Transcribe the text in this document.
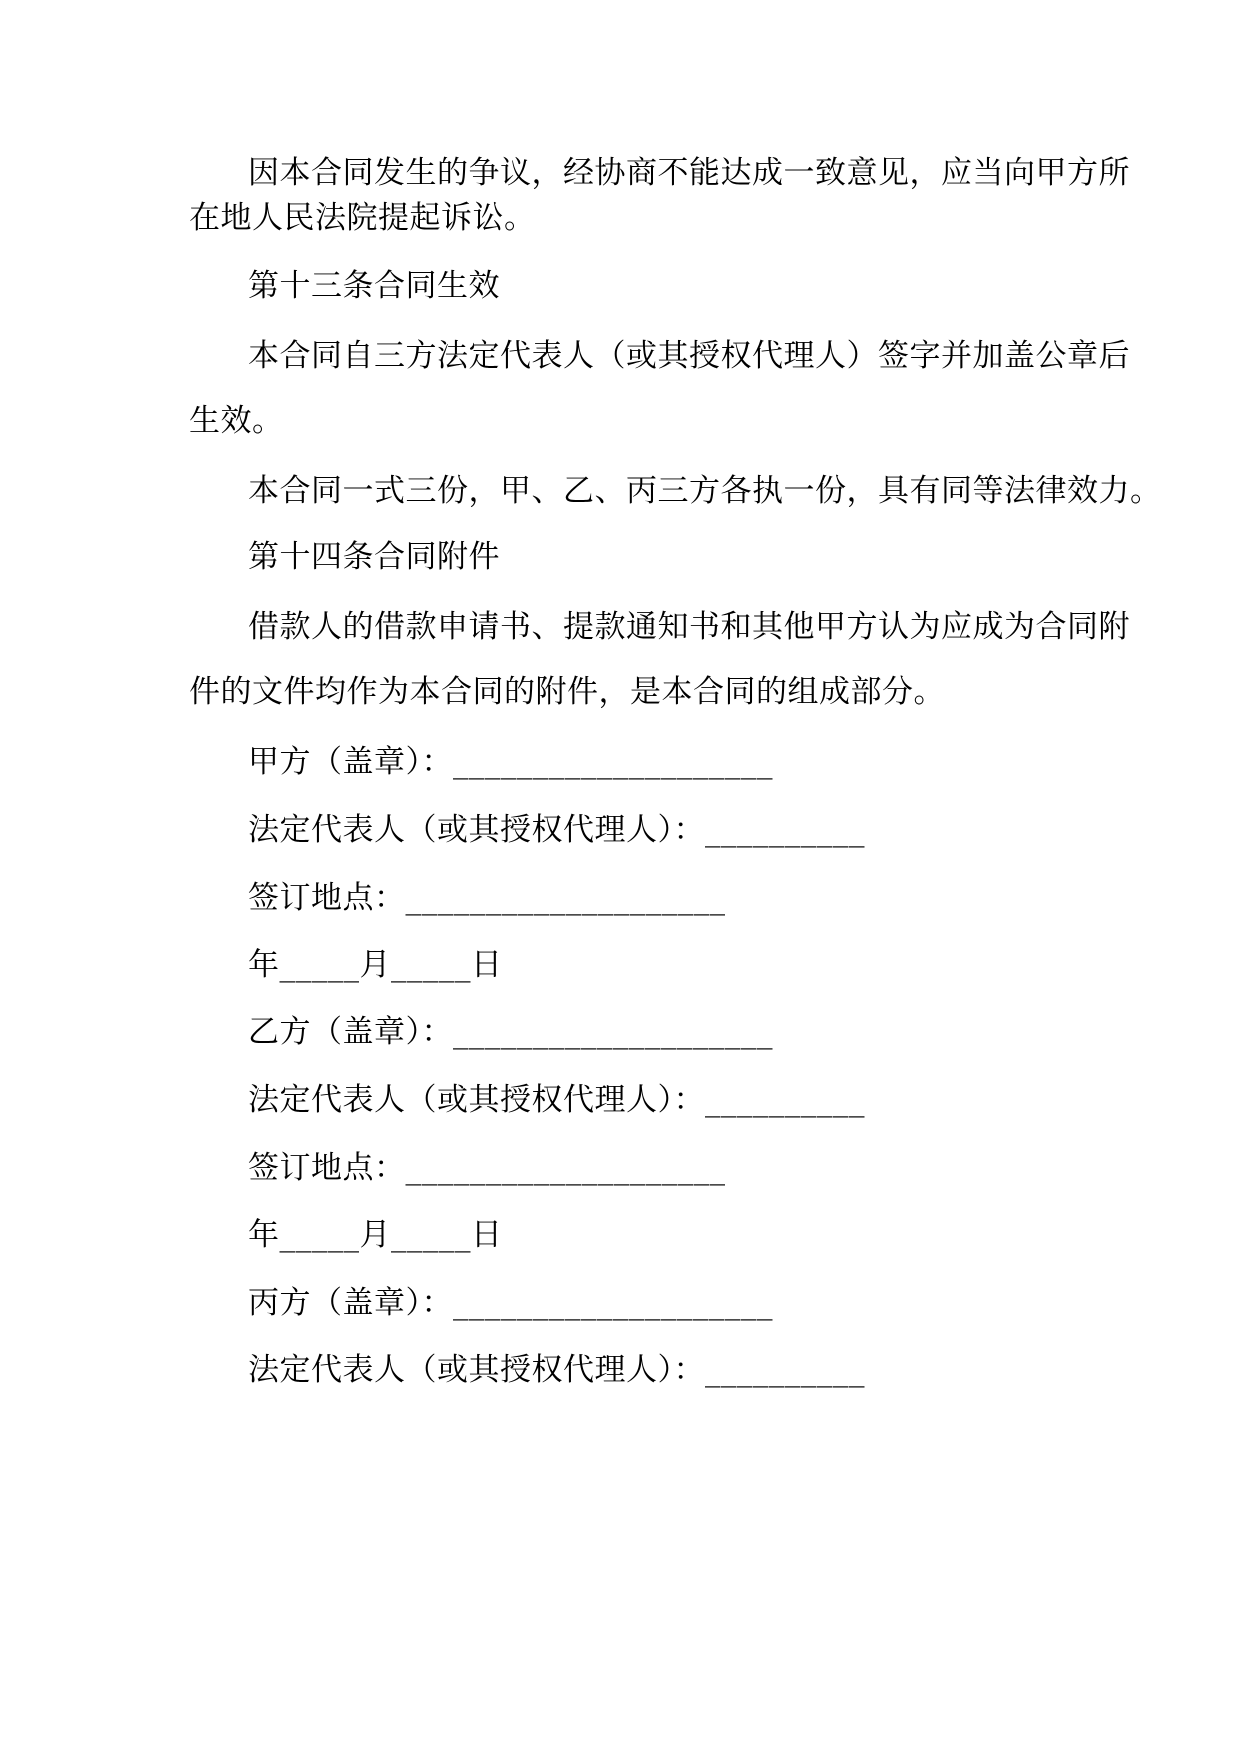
因本合同发生的争议，经协商不能达成一致意见，应当向甲方所
在地人民法院提起诉讼。
第十三条合同生效
本合同自三方法定代表人（或其授权代理人）签字并加盖公章后
生效。
本合同一式三份，甲、乙、丙三方各执一份，具有同等法律效力。
第十四条合同附件
借款人的借款申请书、提款通知书和其他甲方认为应成为合同附
件的文件均作为本合同的附件，是本合同的组成部分。
甲方（盖章）：____________________
法定代表人（或其授权代理人）：__________
签订地点：____________________
年_____月_____日
乙方（盖章）：____________________
法定代表人（或其授权代理人）：__________
签订地点：____________________
年_____月_____日
丙方（盖章）：____________________
法定代表人（或其授权代理人）：__________
